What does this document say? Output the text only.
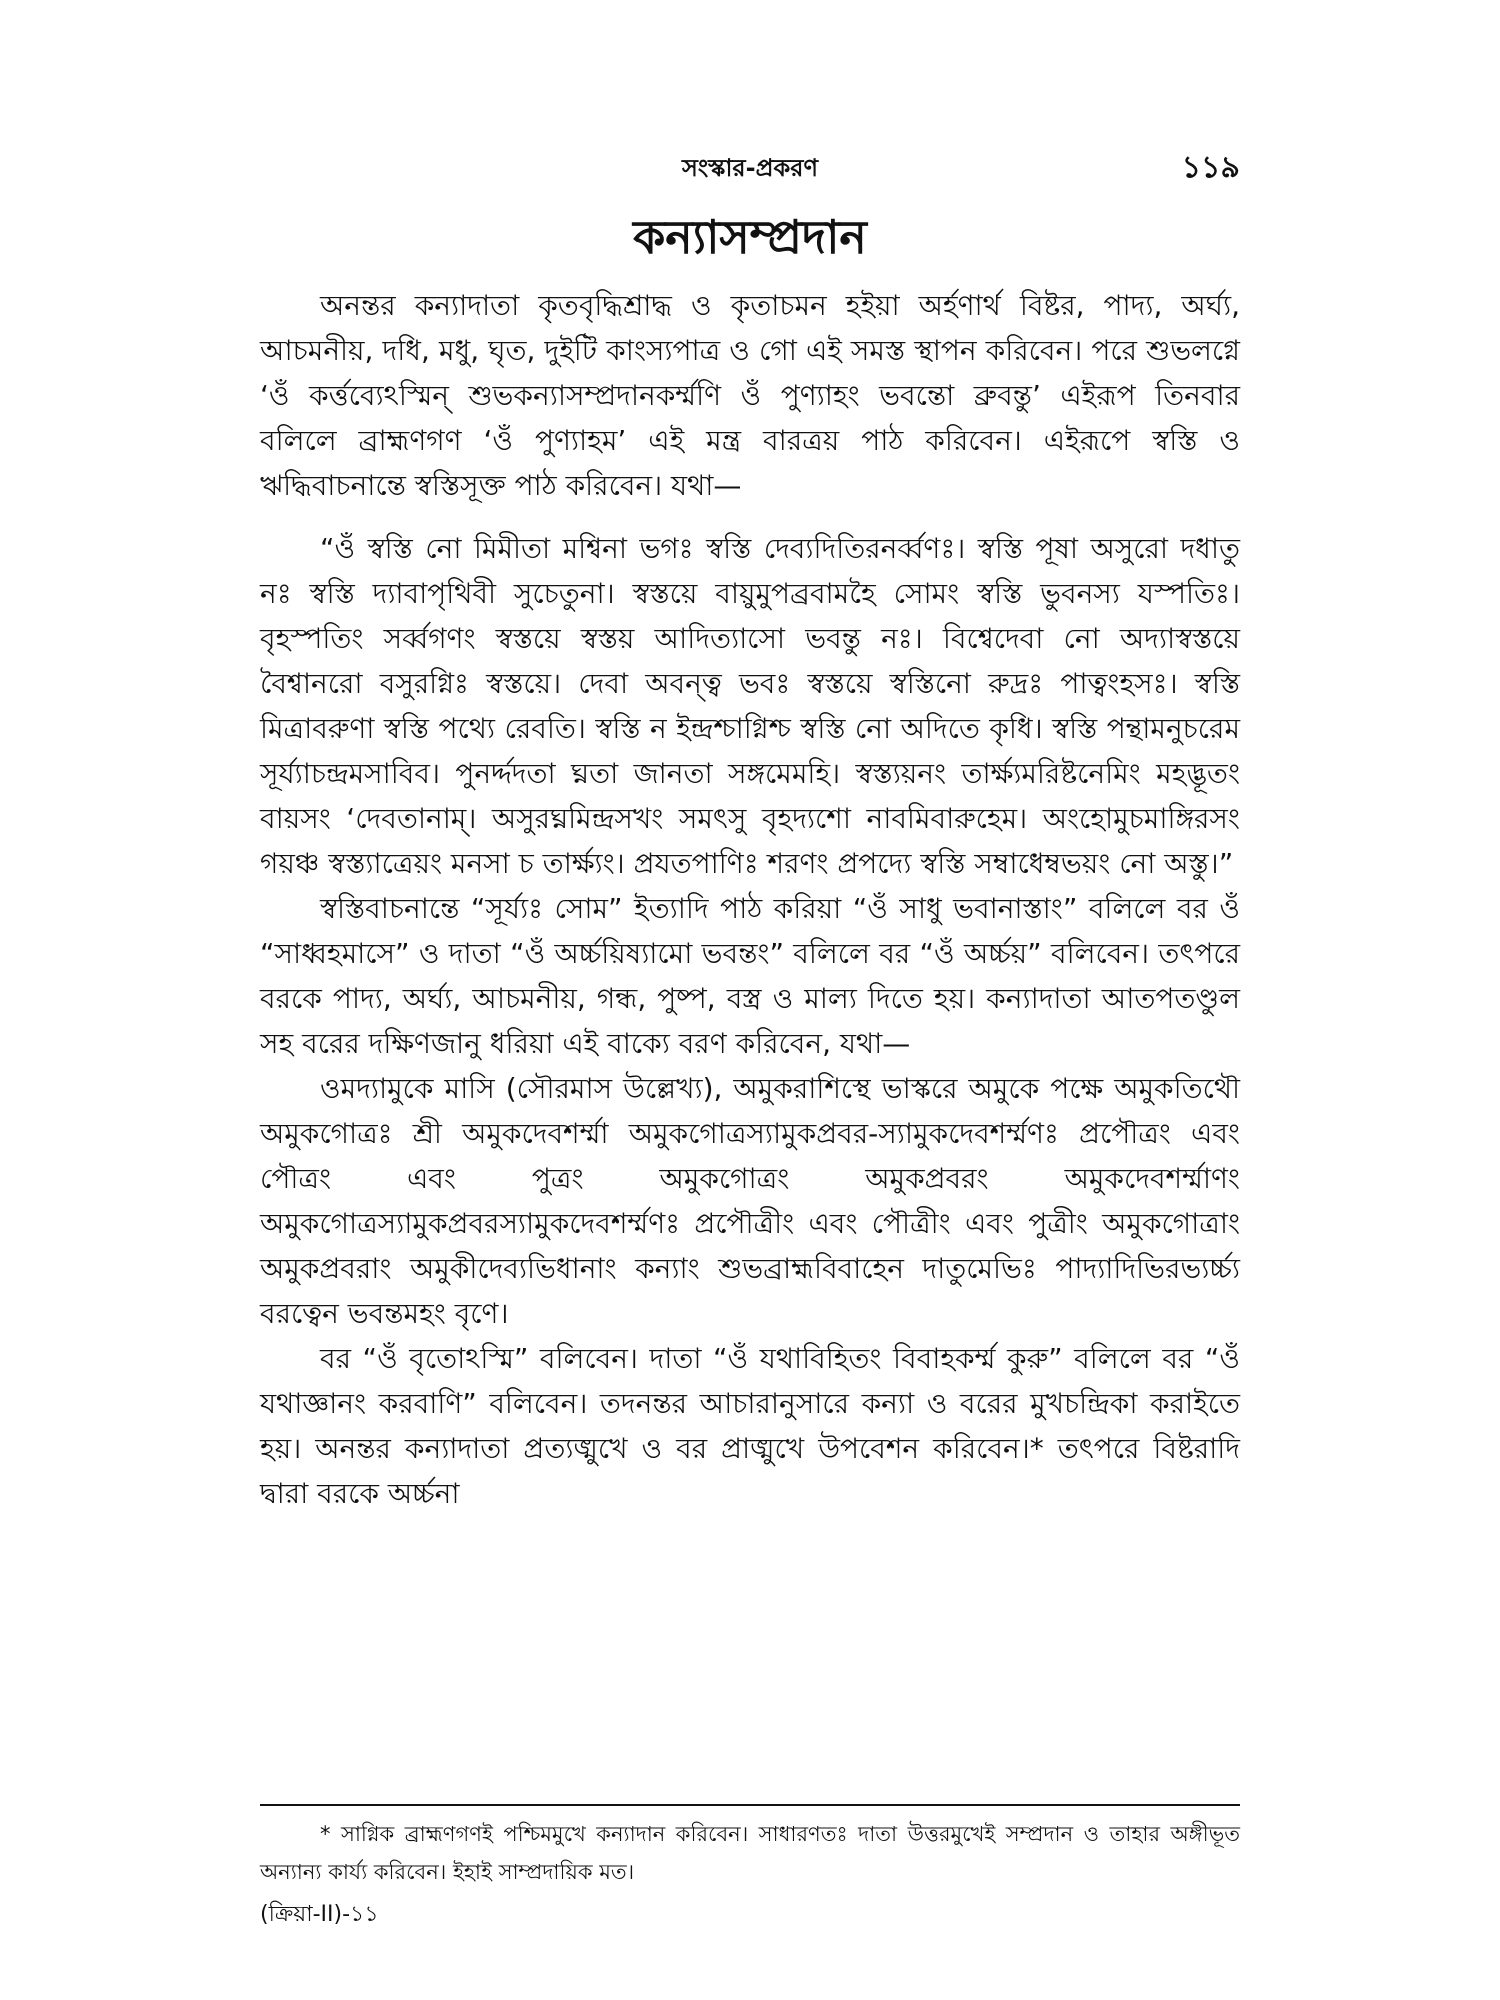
সংস্কার-প্রকরণ	১১৯
কন্যাসম্প্রদান

অনন্তর কন্যাদাতা কৃতবৃদ্ধিশ্রাদ্ধ ও কৃতাচমন হইয়া অর্হণার্থ বিষ্টর, পাদ্য, অর্ঘ্য, আচমনীয়, দধি, মধু, ঘৃত, দুইটি কাংস্যপাত্র ও গো এই সমস্ত স্থাপন করিবেন। পরে শুভলগ্নে ‘ওঁ কর্ত্তব্যেঽস্মিন্ শুভকন্যাসম্প্রদানকর্ম্মণি ওঁ পুণ্যাহং ভবন্তো ব্রুবন্তু’ এইরূপ তিনবার বলিলে ব্রাহ্মণগণ ‘ওঁ পুণ্যাহম’ এই মন্ত্র বারত্রয় পাঠ করিবেন। এইরূপে স্বস্তি ও ঋদ্ধিবাচনান্তে স্বস্তিসূক্ত পাঠ করিবেন। যথা—

“ওঁ স্বস্তি নো মিমীতা মশ্বিনা ভগঃ স্বস্তি দেব্যদিতিরনর্ব্বণঃ। স্বস্তি পূষা অসুরো দধাতু নঃ স্বস্তি দ্যাবাপৃথিবী সুচেতুনা। স্বস্তয়ে বায়ুমুপব্রবামহৈ সোমং স্বস্তি ভুবনস্য যস্পতিঃ। বৃহস্পতিং সর্ব্বগণং স্বস্তয়ে স্বস্তয় আদিত্যাসো ভবন্তু নঃ। বিশ্বেদেবা নো অদ্যাস্বস্তয়ে বৈশ্বানরো বসুরগ্নিঃ স্বস্তয়ে। দেবা অবন্ত্ব ভবঃ স্বস্তয়ে স্বস্তিনো রুদ্রঃ পাত্বংহসঃ। স্বস্তি মিত্রাবরুণা স্বস্তি পথ্যে রেবতি। স্বস্তি ন ইন্দ্রশ্চাগ্নিশ্চ স্বস্তি নো অদিতে কৃধি। স্বস্তি পন্থামনুচরেম সূর্য্যাচন্দ্রমসাবিব। পুনর্দ্দদতা ঘ্নতা জানতা সঙ্গমেমহি। স্বস্ত্যয়নং তার্ক্ষ্যমরিষ্টনেমিং মহদ্ভূতং বায়সং ‘দেবতানাম্। অসুরঘ্নমিন্দ্রসখং সমৎসু বৃহদ্যশো নাবমিবারুহেম। অংহোমুচমাঙ্গিরসং গয়ঞ্চ স্বস্ত্যাত্রেয়ং মনসা চ তার্ক্ষ্যং। প্রযতপাণিঃ শরণং প্রপদ্যে স্বস্তি সম্বাধেম্বভয়ং নো অস্তু।”

স্বস্তিবাচনান্তে “সূর্য্যঃ সোম” ইত্যাদি পাঠ করিয়া “ওঁ সাধু ভবানাস্তাং” বলিলে বর ওঁ “সাধ্বহমাসে” ও দাতা “ওঁ অর্চ্চয়িষ্যামো ভবন্তং” বলিলে বর “ওঁ অর্চ্চয়” বলিবেন। তৎপরে বরকে পাদ্য, অর্ঘ্য, আচমনীয়, গন্ধ, পুষ্প, বস্ত্র ও মাল্য দিতে হয়। কন্যাদাতা আতপতণ্ডুল সহ বরের দক্ষিণজানু ধরিয়া এই বাক্যে বরণ করিবেন, যথা—

ওমদ্যামুকে মাসি (সৌরমাস উল্লেখ্য), অমুকরাশিস্থে ভাস্করে অমুকে পক্ষে অমুকতিথৌ অমুকগোত্রঃ শ্রী অমুকদেবশর্ম্মা অমুকগোত্রস্যামুকপ্রবর-স্যামুকদেবশর্ম্মণঃ প্রপৌত্রং এবং পৌত্রং এবং পুত্রং অমুকগোত্রং অমুকপ্রবরং অমুকদেবশর্ম্মাণং অমুকগোত্রস্যামুকপ্রবরস্যামুকদেবশর্ম্মণঃ প্রপৌত্রীং এবং পৌত্রীং এবং পুত্রীং অমুকগোত্রাং অমুকপ্রবরাং অমুকীদেব্যভিধানাং কন্যাং শুভব্রাহ্মবিবাহেন দাতুমেভিঃ পাদ্যাদিভিরভ্যর্চ্চ্য বরত্বেন ভবন্তমহং বৃণে।

বর “ওঁ বৃতোঽস্মি” বলিবেন। দাতা “ওঁ যথাবিহিতং বিবাহকর্ম্ম কুরু” বলিলে বর “ওঁ যথাজ্ঞানং করবাণি” বলিবেন। তদনন্তর আচারানুসারে কন্যা ও বরের মুখচন্দ্রিকা করাইতে হয়। অনন্তর কন্যাদাতা প্রত্যঙ্মুখে ও বর প্রাঙ্মুখে উপবেশন করিবেন।* তৎপরে বিষ্টরাদি দ্বারা বরকে অর্চ্চনা

* সাগ্নিক ব্রাহ্মণগণই পশ্চিমমুখে কন্যাদান করিবেন। সাধারণতঃ দাতা উত্তরমুখেই সম্প্রদান ও তাহার অঙ্গীভূত অন্যান্য কার্য্য করিবেন। ইহাই সাম্প্রদায়িক মত।
(ক্রিয়া-II)-১১
